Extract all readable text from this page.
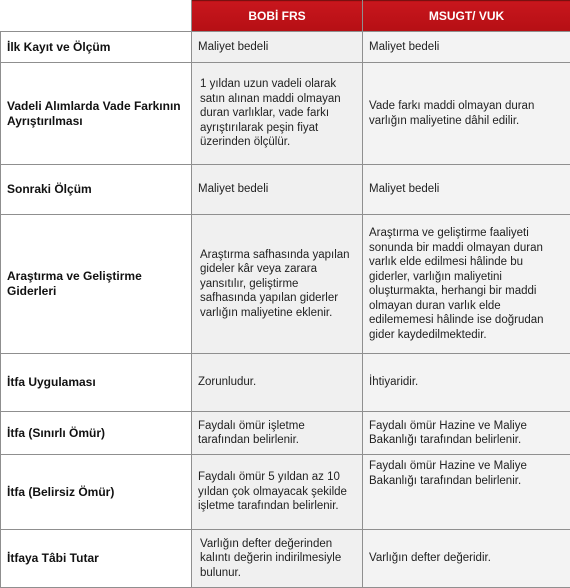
	BOBİ FRS	MSUGT/ VUK
İlk Kayıt ve Ölçüm	Maliyet bedeli	Maliyet bedeli
Vadeli Alımlarda Vade Farkının Ayrıştırılması	1 yıldan uzun vadeli olarak satın alınan maddi olmayan duran varlıklar, vade farkı ayrıştırılarak peşin fiyat üzerinden ölçülür.	Vade farkı maddi olmayan duran varlığın maliyetine dâhil edilir.
Sonraki Ölçüm	Maliyet bedeli	Maliyet bedeli
Araştırma ve Geliştirme Giderleri	Araştırma safhasında yapılan gideler kâr veya zarara yansıtılır, geliştirme safhasında yapılan giderler varlığın maliyetine eklenir.	Araştırma ve geliştirme faaliyeti sonunda bir maddi olmayan duran varlık elde edilmesi hâlinde bu giderler, varlığın maliyetini oluşturmakta, herhangi bir maddi olmayan duran varlık elde edilememesi hâlinde ise doğrudan gider kaydedilmektedir.
İtfa Uygulaması	Zorunludur.	İhtiyaridir.
İtfa (Sınırlı Ömür)	Faydalı ömür işletme tarafından belirlenir.	Faydalı ömür Hazine ve Maliye Bakanlığı tarafından belirlenir.
İtfa (Belirsiz Ömür)	Faydalı ömür 5 yıldan az 10 yıldan çok olmayacak şekilde işletme tarafından belirlenir.	Faydalı ömür Hazine ve Maliye Bakanlığı tarafından belirlenir.
İtfaya Tâbi Tutar	Varlığın defter değerinden kalıntı değerin indirilmesiyle bulunur.	Varlığın defter değeridir.
